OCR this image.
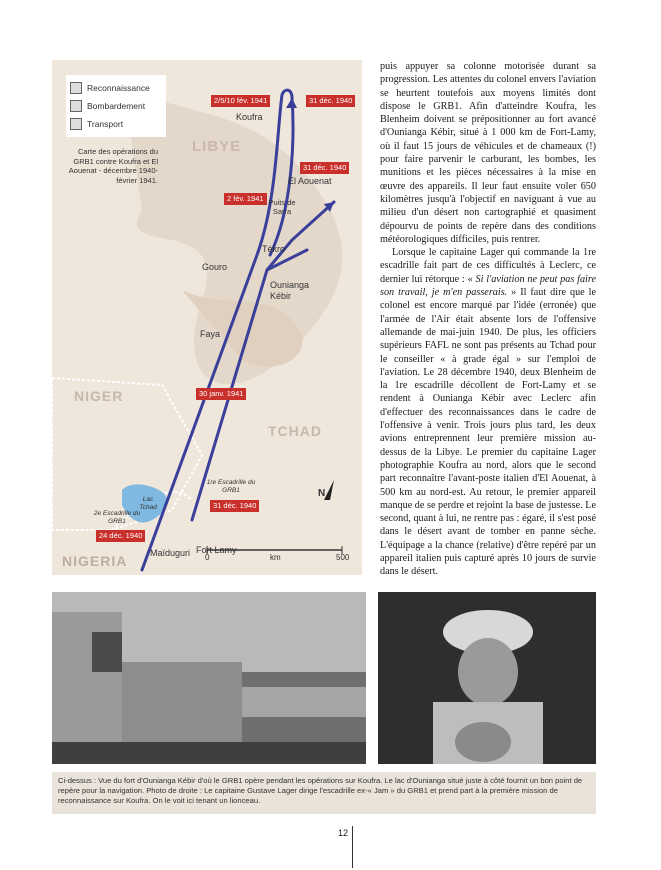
Reconnaissance
Bombardement
Transport
Carte des opérations du GRB1 contre Koufra et El Aouenat - décembre 1940-février 1941.
LIBYE
NIGER
TCHAD
NIGERIA
Koufra
El Aouenat
Puits de Sarra
Tékro
Gouro
Ounianga Kébir
Faya
Fort Lamy
Maïduguri
Lac Tchad
2/5/10 fév. 1941	31 déc. 1940
31 déc. 1940
2 fév. 1941
30 janv. 1941
31 déc. 1940
24 déc. 1940
1re Escadrille du GRB1
2e Escadrille du GRB1
0	km	500
N

puis appuyer sa colonne motorisée durant sa progression. Les attentes du colonel envers l'aviation se heurtent toutefois aux moyens limités dont dispose le GRB1. Afin d'atteindre Koufra, les Blenheim doivent se prépositionner au fort avancé d'Ounianga Kébir, situé à 1 000 km de Fort-Lamy, où il faut 15 jours de véhicules et de chameaux (!) pour faire parvenir le carburant, les bombes, les munitions et les pièces nécessaires à la mise en œuvre des appareils. Il leur faut ensuite voler 650 kilomètres jusqu'à l'objectif en naviguant à vue au milieu d'un désert non cartographié et quasiment dépourvu de points de repère dans des conditions météorologiques difficiles, puis rentrer.

Lorsque le capitaine Lager qui commande la 1re escadrille fait part de ces difficultés à Leclerc, ce dernier lui rétorque : « Si l'aviation ne peut pas faire son travail, je m'en passerais. » Il faut dire que le colonel est encore marqué par l'idée (erronée) que l'armée de l'Air était absente lors de l'offensive allemande de mai-juin 1940. De plus, les officiers supérieurs FAFL ne sont pas présents au Tchad pour le conseiller « à grade égal » sur l'emploi de l'aviation. Le 28 décembre 1940, deux Blenheim de la 1re escadrille décollent de Fort-Lamy et se rendent à Ounianga Kébir avec Leclerc afin d'effectuer des reconnaissances dans le cadre de l'offensive à venir. Trois jours plus tard, les deux avions entreprennent leur première mission au-dessus de la Libye. Le premier du capitaine Lager photographie Koufra au nord, alors que le second part reconnaître l'avant-poste italien d'El Aouenat, à 500 km au nord-est. Au retour, le premier appareil manque de se perdre et rejoint la base de justesse. Le second, quant à lui, ne rentre pas : égaré, il s'est posé dans le désert avant de tomber en panne sèche. L'équipage a la chance (relative) d'être repéré par un appareil italien puis capturé après 10 jours de survie dans le désert.

Ci-dessus : Vue du fort d'Ounianga Kébir d'où le GRB1 opère pendant les opérations sur Koufra. Le lac d'Ounianga situé juste à côté fournit un bon point de repère pour la navigation. Photo de droite : Le capitaine Gustave Lager dirige l'escadrille ex-« Jam » du GRB1 et prend part à la première mission de reconnaissance sur Koufra. On le voit ici tenant un lionceau.
12
